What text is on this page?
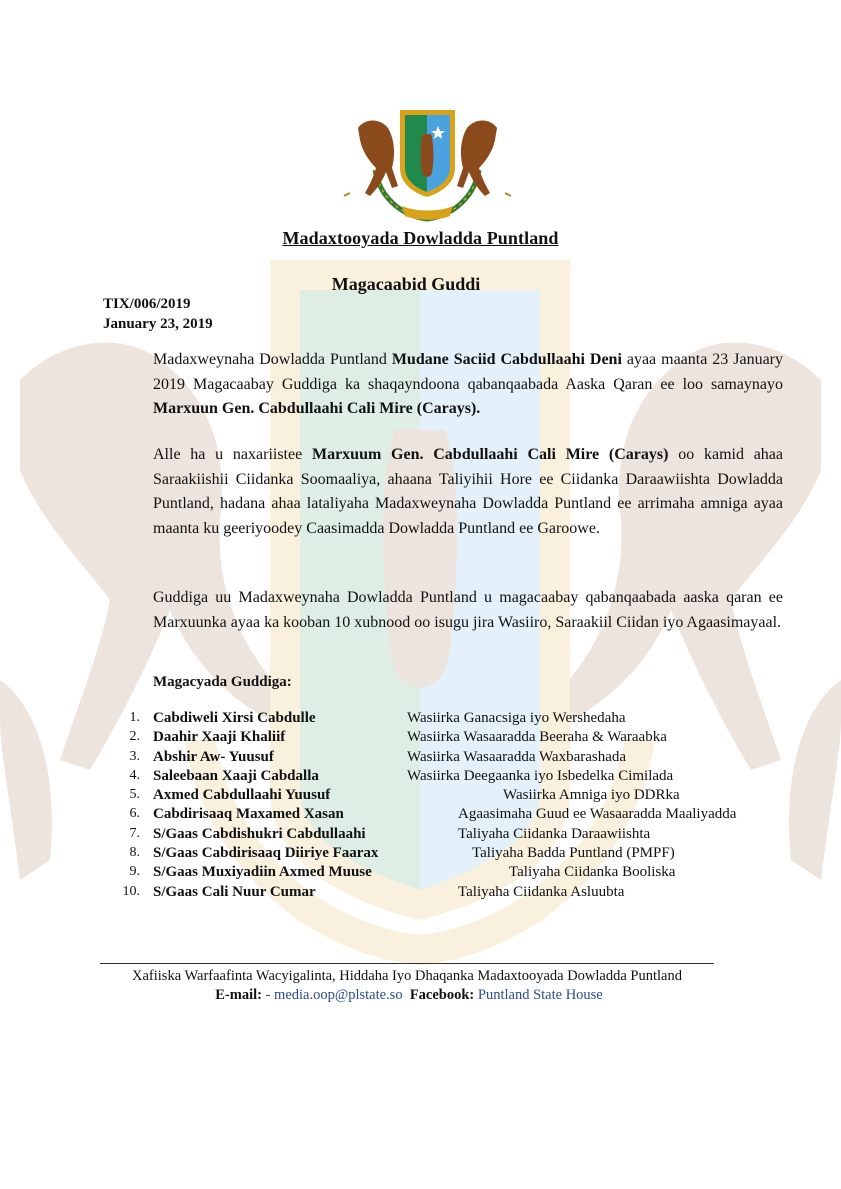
Madaxtooyada Dowladda Puntland
Magacaabid Guddi
TIX/006/2019
January 23, 2019

Madaxweynaha Dowladda Puntland Mudane Saciid Cabdullaahi Deni ayaa maanta 23 January 2019 Magacaabay Guddiga ka shaqayndoona qabanqaabada Aaska Qaran ee loo samaynayo Marxuun Gen. Cabdullaahi Cali Mire (Carays).

Alle ha u naxariistee Marxuum Gen. Cabdullaahi Cali Mire (Carays) oo kamid ahaa Saraakiishii Ciidanka Soomaaliya, ahaana Taliyihii Hore ee Ciidanka Daraawiishta Dowladda Puntland, hadana ahaa lataliyaha Madaxweynaha Dowladda Puntland ee arrimaha amniga ayaa maanta ku geeriyoodey Caasimadda Dowladda Puntland ee Garoowe.

Guddiga uu Madaxweynaha Dowladda Puntland u magacaabay qabanqaabada aaska qaran ee Marxuunka ayaa ka kooban 10 xubnood oo isugu jira Wasiiro, Saraakiil Ciidan iyo Agaasimayaal.

Magacyada Guddiga:
1. Cabdiweli Xirsi Cabdulle	Wasiirka Ganacsiga iyo Wershedaha
2. Daahir Xaaji Khaliif	Wasiirka Wasaaradda Beeraha & Waraabka
3. Abshir Aw- Yuusuf	Wasiirka Wasaaradda Waxbarashada
4. Saleebaan Xaaji Cabdalla	Wasiirka Deegaanka iyo Isbedelka Cimilada
5. Axmed Cabdullaahi Yuusuf	Wasiirka Amniga iyo DDRka
6. Cabdirisaaq Maxamed Xasan	Agaasimaha Guud ee Wasaaradda Maaliyadda
7. S/Gaas Cabdishukri Cabdullaahi	Taliyaha Ciidanka Daraawiishta
8. S/Gaas Cabdirisaaq Diiriye Faarax	Taliyaha Badda Puntland (PMPF)
9. S/Gaas Muxiyadiin Axmed Muuse	Taliyaha Ciidanka Booliska
10. S/Gaas Cali Nuur Cumar	Taliyaha Ciidanka Asluubta
Xafiiska Warfaafinta Wacyigalinta, Hiddaha Iyo Dhaqanka Madaxtooyada Dowladda Puntland
E-mail: - media.oop@plstate.so Facebook: Puntland State House
